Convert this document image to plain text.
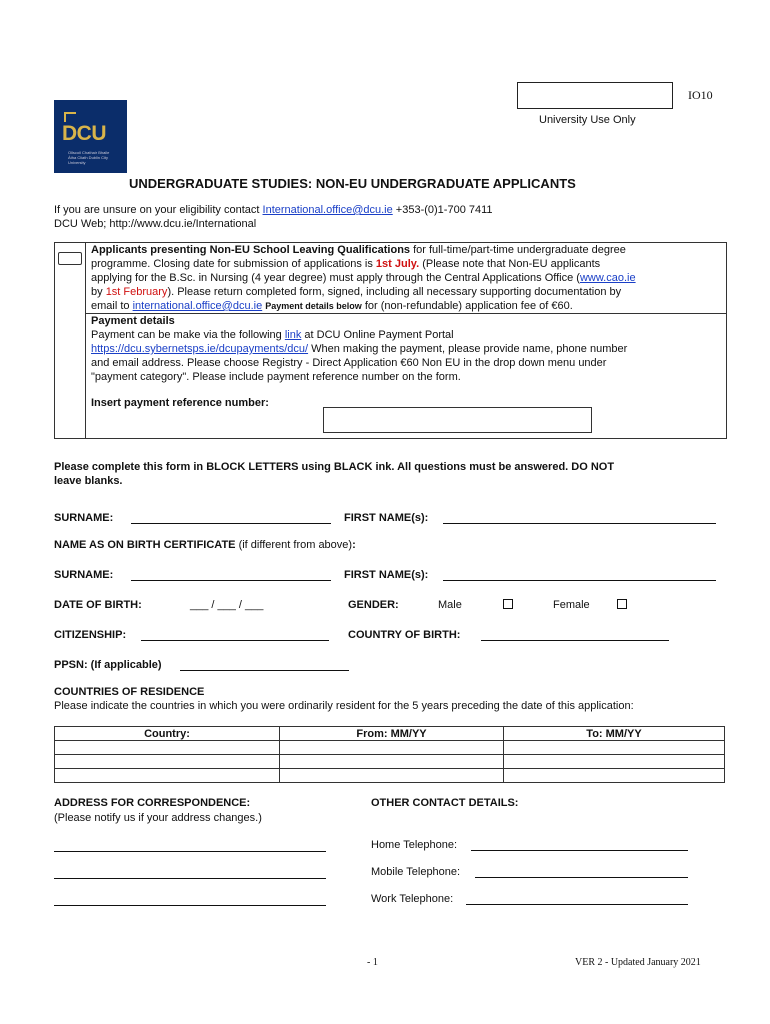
IO10
University Use Only
DCU
Ollscoil Chathair Bhaile Átha Cliath Dublin City University
UNDERGRADUATE STUDIES: NON-EU UNDERGRADUATE APPLICANTS
If you are unsure on your eligibility contact International.office@dcu.ie +353-(0)1-700 7411
DCU Web; http://www.dcu.ie/International
Applicants presenting Non-EU School Leaving Qualifications for full-time/part-time undergraduate degree
programme. Closing date for submission of applications is 1st July. (Please note that Non-EU applicants
applying for the B.Sc. in Nursing (4 year degree) must apply through the Central Applications Office (www.cao.ie
by 1st February). Please return completed form, signed, including all necessary supporting documentation by
email to international.office@dcu.ie Payment details below for (non-refundable) application fee of €60.
Payment details
Payment can be make via the following link at DCU Online Payment Portal
https://dcu.sybernetsps.ie/dcupayments/dcu/ When making the payment, please provide name, phone number
and email address. Please choose Registry - Direct Application €60 Non EU in the drop down menu under
"payment category". Please include payment reference number on the form.
Insert payment reference number:
Please complete this form in BLOCK LETTERS using BLACK ink. All questions must be answered. DO NOT
leave blanks.
SURNAME:	FIRST NAME(s):
NAME AS ON BIRTH CERTIFICATE (if different from above):
SURNAME:	FIRST NAME(s):
DATE OF BIRTH:	___ / ___ / ___	GENDER:	Male	Female
CITIZENSHIP:	COUNTRY OF BIRTH:
PPSN: (If applicable)
COUNTRIES OF RESIDENCE
Please indicate the countries in which you were ordinarily resident for the 5 years preceding the date of this application:
Country:	From: MM/YY	To: MM/YY

ADDRESS FOR CORRESPONDENCE:
(Please notify us if your address changes.)
OTHER CONTACT DETAILS:
Home Telephone:
Mobile Telephone:
Work Telephone:
- 1	VER 2 - Updated January 2021
